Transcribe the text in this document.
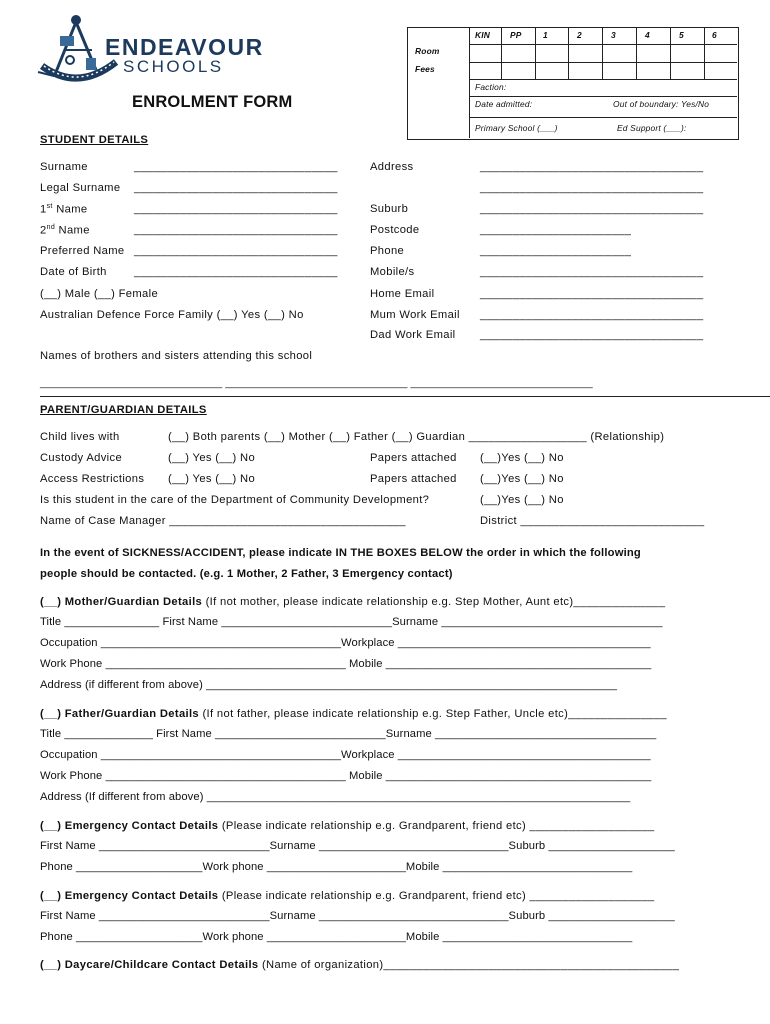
ENDEAVOUR
SCHOOLS
ENROLMENT FORM
Room
Fees
KIN PP	1	2	3	4	5	6
Faction:
Date admitted:	Out of boundary: Yes/No
Primary School (___)	Ed Support (___):
STUDENT DETAILS
Surname	_______________________________
Legal Surname _______________________________
1st Name	_______________________________
2nd Name	_______________________________
Preferred Name _______________________________
Date of Birth _______________________________
(__) Male (__) Female
Australian Defence Force Family (__) Yes (__) No
Address	__________________________________
__________________________________
Suburb	__________________________________
Postcode	_______________________
Phone	_______________________
Mobile/s	__________________________________
Home Email	__________________________________
Mum Work Email __________________________________
Dad Work Email __________________________________
Names of brothers and sisters attending this school
_______________________________ _______________________________ _______________________________
PARENT/GUARDIAN DETAILS
Child lives with	(__) Both parents (__) Mother (__) Father (__) Guardian __________________ (Relationship)
Custody Advice	(__) Yes (__) No	Papers attached (__)Yes (__) No
Access Restrictions (__) Yes (__) No	Papers attached (__)Yes (__) No
Is this student in the care of the Department of Community Development?	(__)Yes (__) No
Name of Case Manager ____________________________________	District ____________________________
In the event of SICKNESS/ACCIDENT, please indicate IN THE BOXES BELOW the order in which the following
people should be contacted. (e.g. 1 Mother, 2 Father, 3 Emergency contact)
(__) Mother/Guardian Details (If not mother, please indicate relationship e.g. Step Mother, Aunt etc)______________
Title _______________ First Name ___________________________Surname ___________________________________
Occupation ______________________________________Workplace ________________________________________
Work Phone ______________________________________ Mobile __________________________________________
Address (if different from above) _________________________________________________________________
(__) Father/Guardian Details (If not father, please indicate relationship e.g. Step Father, Uncle etc)_______________
Title ______________ First Name ___________________________Surname ___________________________________
Occupation ______________________________________Workplace ________________________________________
Work Phone ______________________________________ Mobile __________________________________________
Address (If different from above) ___________________________________________________________________
(__) Emergency Contact Details (Please indicate relationship e.g. Grandparent, friend etc) ___________________
First Name ___________________________Surname ______________________________Suburb ____________________
Phone ____________________Work phone ______________________Mobile ______________________________
(__) Emergency Contact Details (Please indicate relationship e.g. Grandparent, friend etc) ___________________
First Name ___________________________Surname ______________________________Suburb ____________________
Phone ____________________Work phone ______________________Mobile ______________________________
(__) Daycare/Childcare Contact Details (Name of organization)_____________________________________________
